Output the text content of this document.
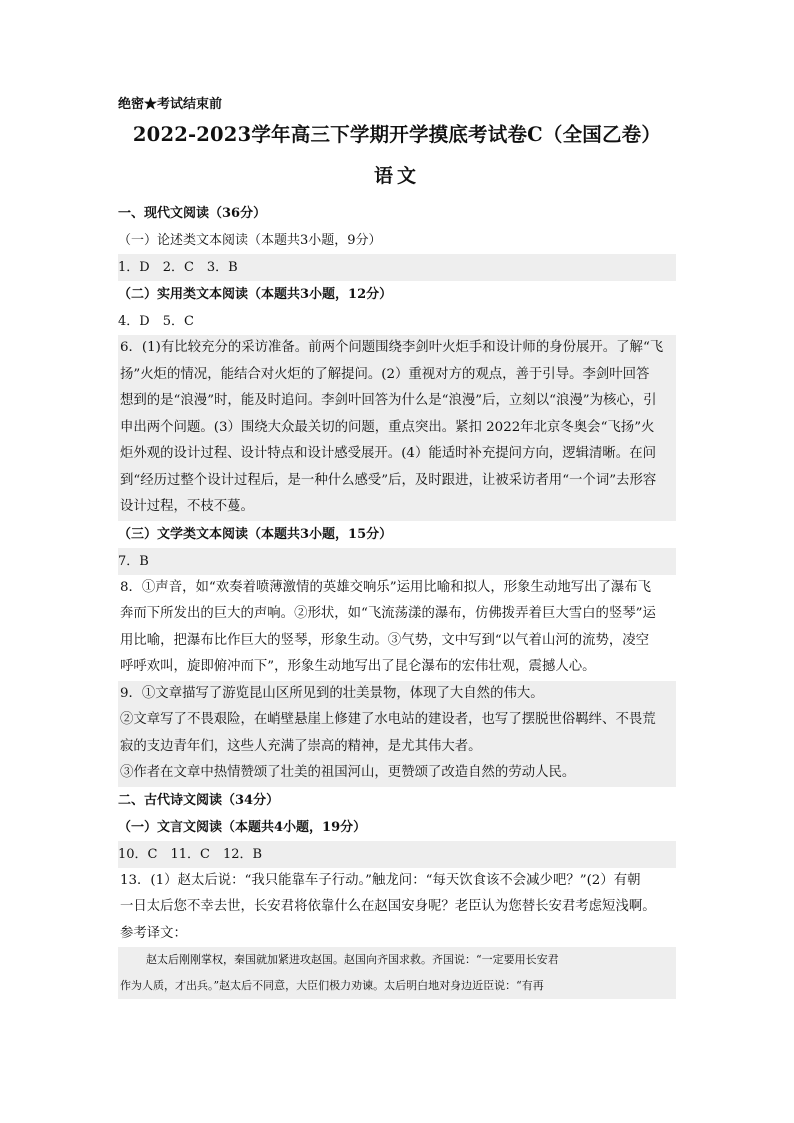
绝密★考试结束前
2022-2023学年高三下学期开学摸底考试卷C（全国乙卷）
语文
一、现代文阅读（36分）
（一）论述类文本阅读（本题共3小题，9分）
1．D　2．C　3．B
（二）实用类文本阅读（本题共3小题，12分）
4．D　5．C
6．(1)有比较充分的采访准备。前两个问题围绕李剑叶火炬手和设计师的身份展开。了解“飞
扬”火炬的情况，能结合对火炬的了解提问。(2）重视对方的观点，善于引导。李剑叶回答
想到的是“浪漫”时，能及时追问。李剑叶回答为什么是“浪漫”后，立刻以“浪漫”为核心，引
申出两个问题。(3）围绕大众最关切的问题，重点突出。紧扣 2022年北京冬奥会“飞扬”火
炬外观的设计过程、设计特点和设计感受展开。(4）能适时补充提问方向，逻辑清晰。在问
到“经历过整个设计过程后，是一种什么感受”后，及时跟进，让被采访者用“一个词”去形容
设计过程，不枝不蔓。
（三）文学类文本阅读（本题共3小题，15分）
7．B
8．①声音，如“欢奏着喷薄激情的英雄交响乐”运用比喻和拟人，形象生动地写出了瀑布飞
奔而下所发出的巨大的声响。②形状，如“飞流荡漾的瀑布，仿佛拨弄着巨大雪白的竖琴”运
用比喻，把瀑布比作巨大的竖琴，形象生动。③气势，文中写到“以气着山河的流势，凌空
呼呼欢叫，旋即俯冲而下”，形象生动地写出了昆仑瀑布的宏伟壮观，震撼人心。
9．①文章描写了游览昆山区所见到的壮美景物，体现了大自然的伟大。
②文章写了不畏艰险，在峭壁悬崖上修建了水电站的建设者，也写了摆脱世俗羁绊、不畏荒
寂的支边青年们，这些人充满了崇高的精神，是尤其伟大者。
③作者在文章中热情赞颂了壮美的祖国河山，更赞颂了改造自然的劳动人民。
二、古代诗文阅读（34分）
（一）文言文阅读（本题共4小题，19分）
10．C　11．C　12．B
13．(1）赵太后说：“我只能靠车子行动。”触龙问：“每天饮食该不会减少吧？”(2）有朝
一日太后您不幸去世，长安君将依靠什么在赵国安身呢？老臣认为您替长安君考虑短浅啊。
参考译文：
赵太后刚刚掌权，秦国就加紧进攻赵国。赵国向齐国求救。齐国说：“一定要用长安君
作为人质，才出兵。”赵太后不同意，大臣们极力劝谏。太后明白地对身边近臣说：“有再
